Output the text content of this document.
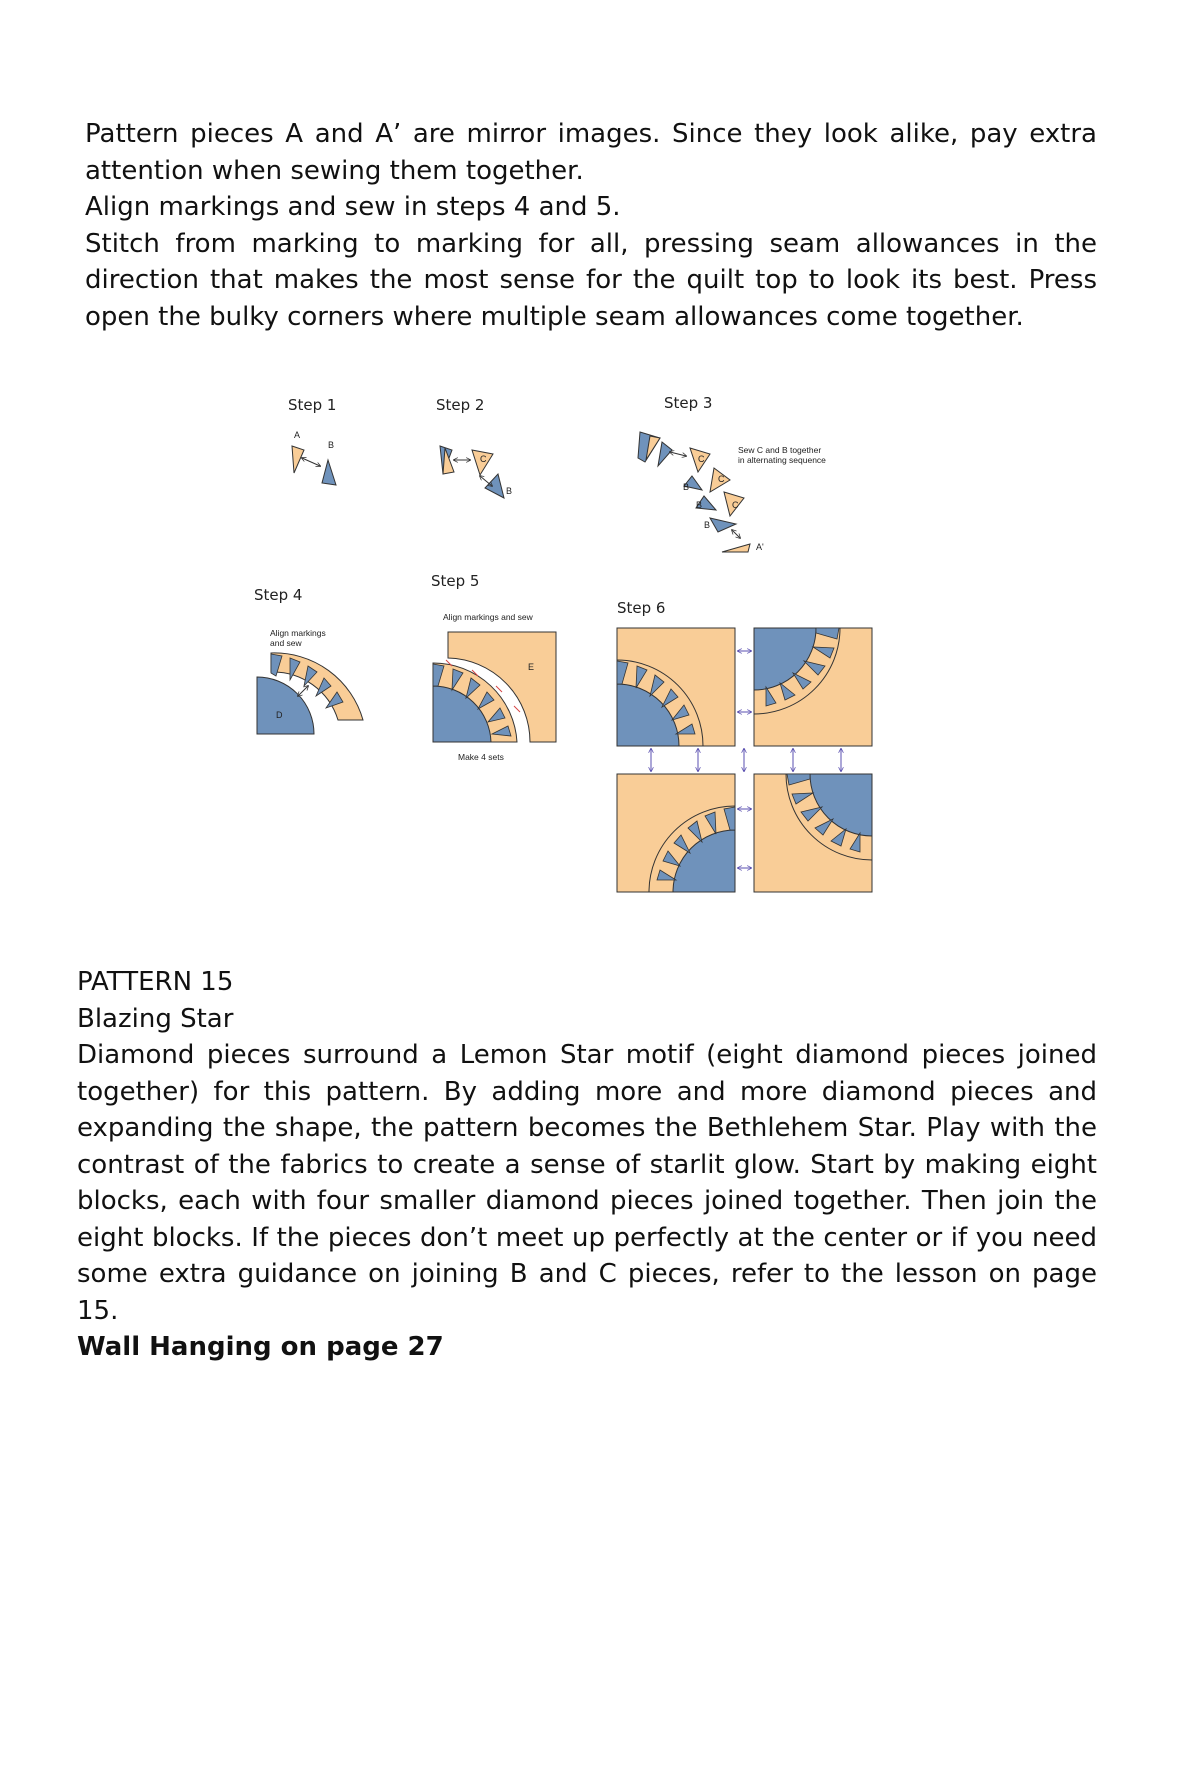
Pattern pieces A and A’ are mirror images. Since they look alike, pay extra attention when sewing them together.

Align markings and sew in steps 4 and 5.

Stitch from marking to marking for all, pressing seam allowances in the direction that makes the most sense for the quilt top to look its best. Press open the bulky corners where multiple seam allowances come together.

Step 1
A
B
Step 2
C
B
Step 3
C
C
C
B
B
B
A'
Sew C and B together
in alternating sequence
Step 4
Align markings
and sew
D
Step 5
Align markings and sew
E
Make 4 sets
Step 6

PATTERN 15

Blazing Star

Diamond pieces surround a Lemon Star motif (eight diamond pieces joined together) for this pattern. By adding more and more diamond pieces and expanding the shape, the pattern becomes the Bethlehem Star. Play with the contrast of the fabrics to create a sense of starlit glow. Start by making eight blocks, each with four smaller diamond pieces joined together. Then join the eight blocks. If the pieces don’t meet up perfectly at the center or if you need some extra guidance on joining B and C pieces, refer to the lesson on page 15.

Wall Hanging on page 27
